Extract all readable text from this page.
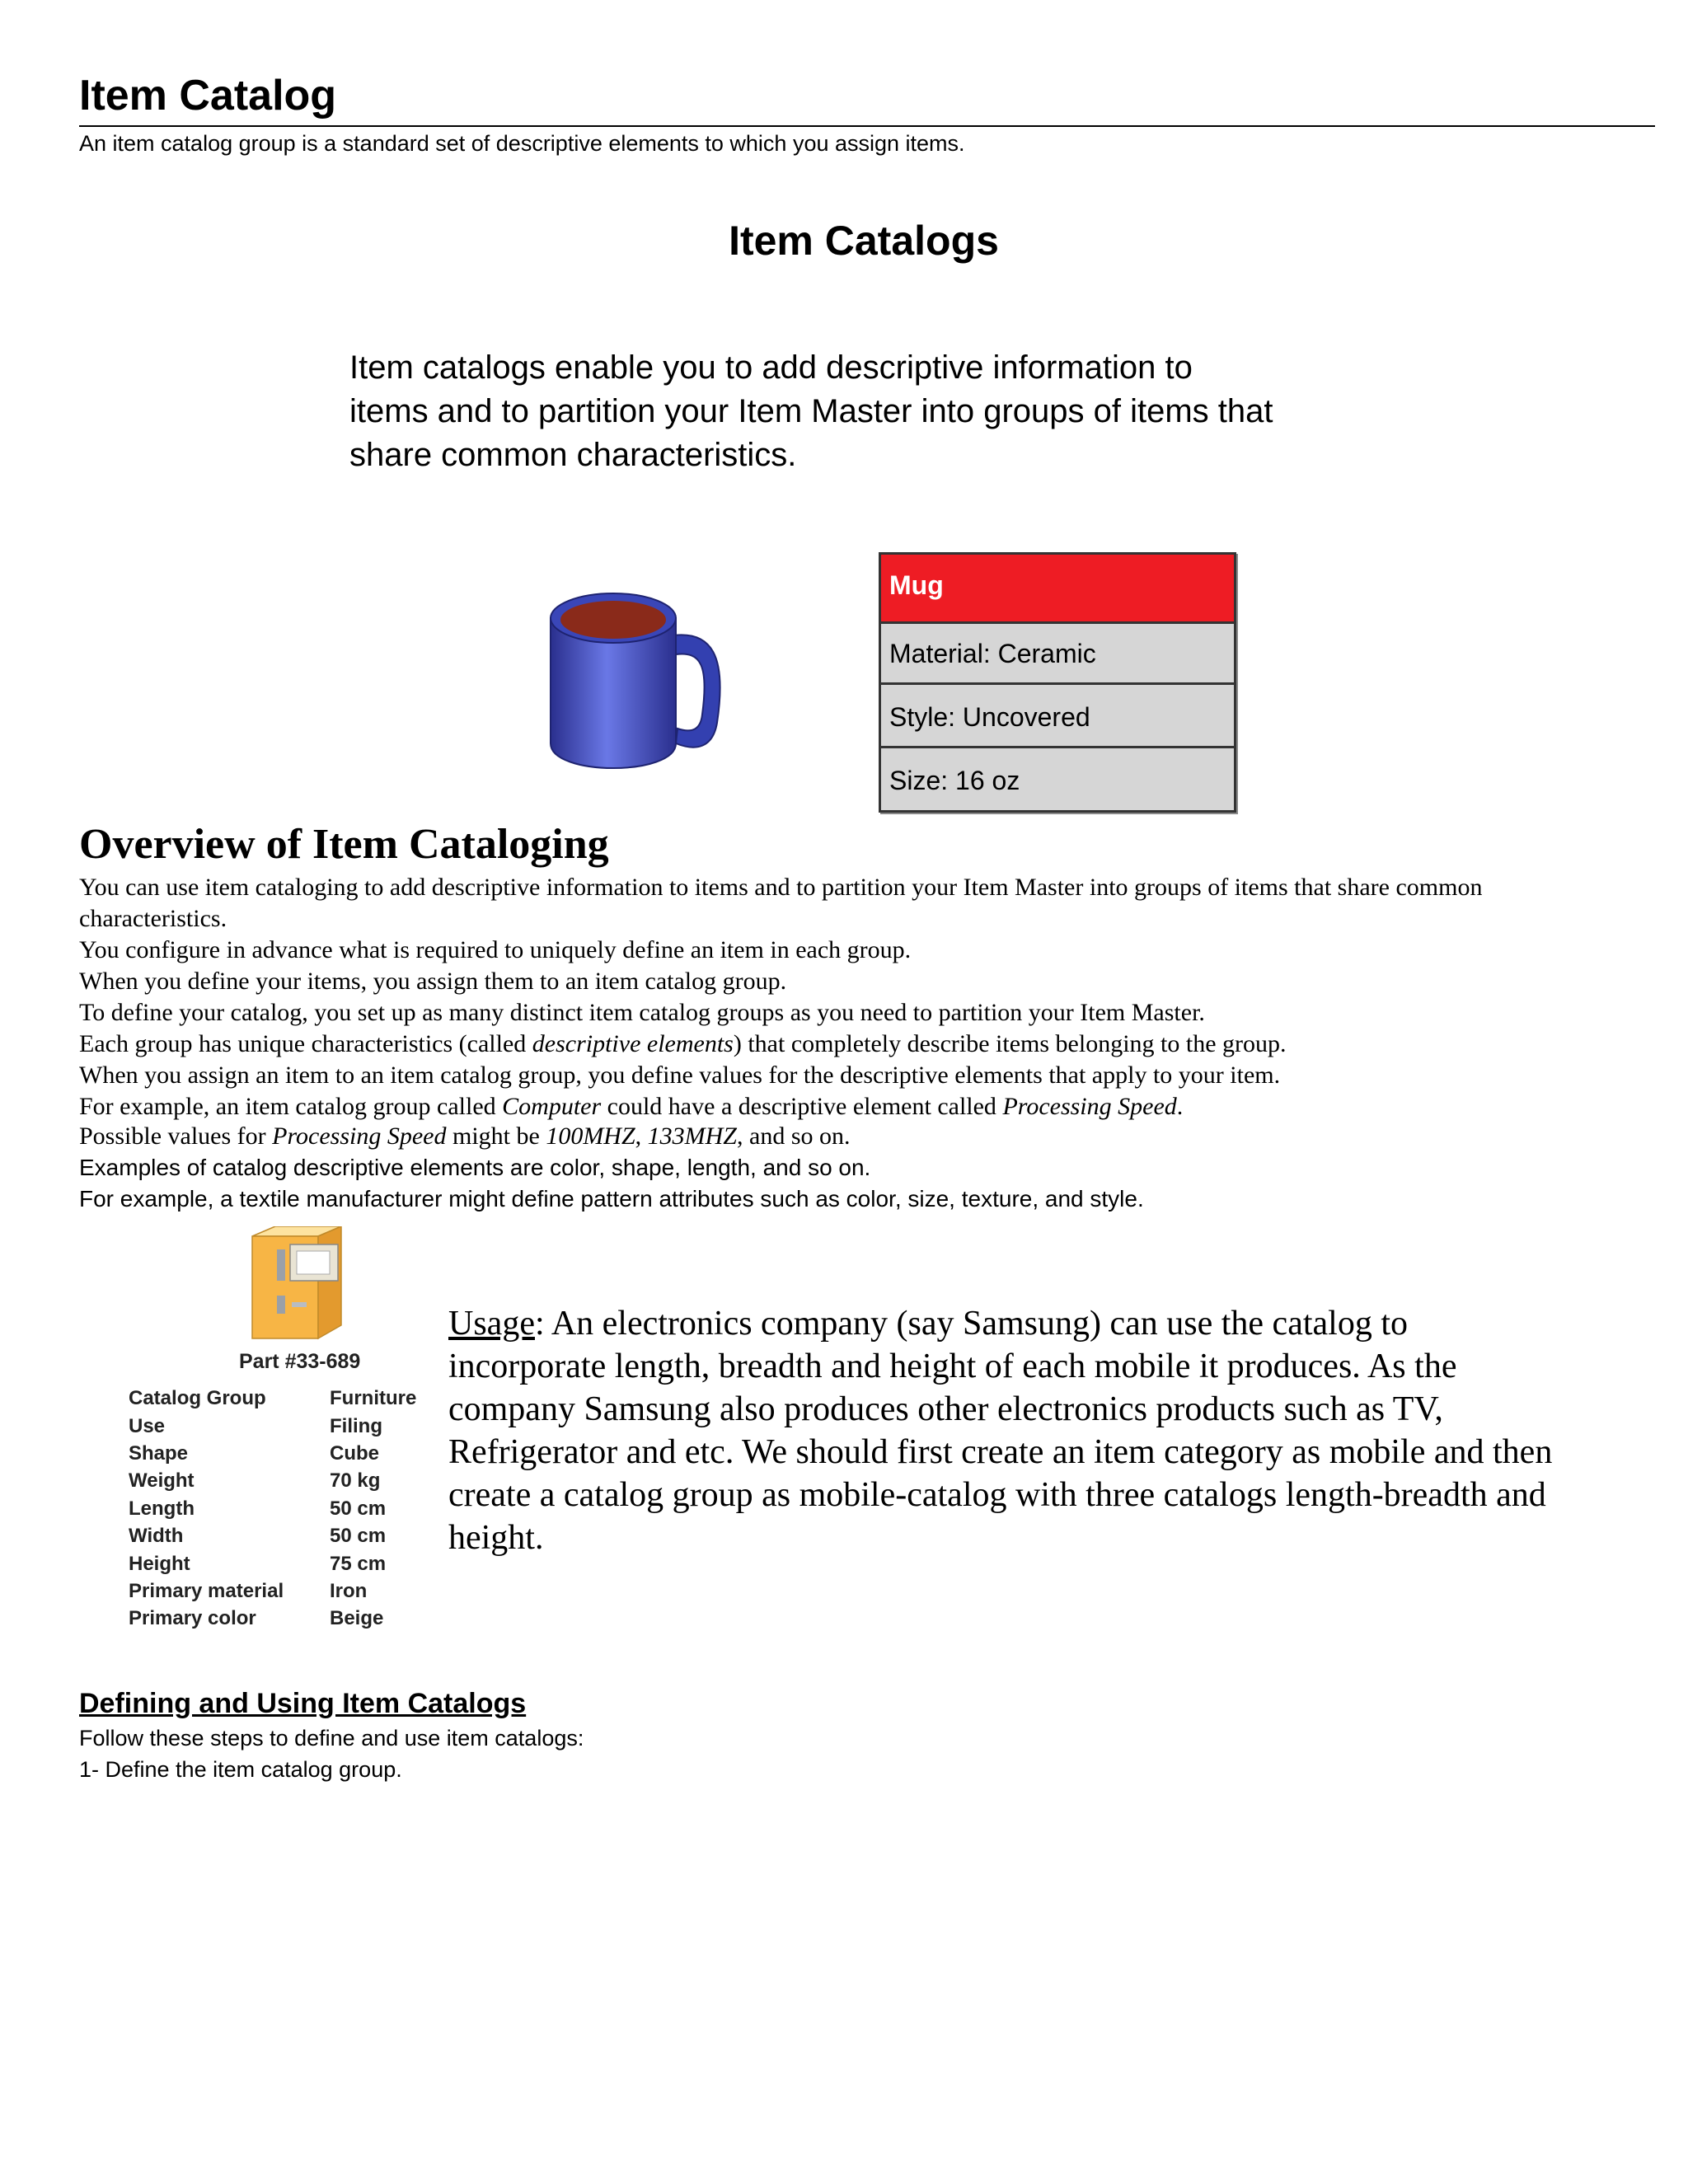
Item Catalog
An item catalog group is a standard set of descriptive elements to which you assign items.
Item Catalogs
Item catalogs enable you to add descriptive information to
items and to partition your Item Master into groups of items that
share common characteristics.
Mug
Material: Ceramic
Style: Uncovered
Size: 16 oz
Overview of Item Cataloging
You can use item cataloging to add descriptive information to items and to partition your Item Master into groups of items that share common
characteristics.
You configure in advance what is required to uniquely define an item in each group.
When you define your items, you assign them to an item catalog group.
To define your catalog, you set up as many distinct item catalog groups as you need to partition your Item Master.
Each group has unique characteristics (called descriptive elements) that completely describe items belonging to the group.
When you assign an item to an item catalog group, you define values for the descriptive elements that apply to your item.
For example, an item catalog group called Computer could have a descriptive element called Processing Speed.
Possible values for Processing Speed might be 100MHZ, 133MHZ, and so on.
Examples of catalog descriptive elements are color, shape, length, and so on.
For example, a textile manufacturer might define pattern attributes such as color, size, texture, and style.
Part #33-689
Catalog Group	Furniture
Use	Filing
Shape	Cube
Weight	70 kg
Length	50 cm
Width	50 cm
Height	75 cm
Primary material	Iron
Primary color	Beige
Usage: An electronics company (say Samsung) can use the catalog to
incorporate length, breadth and height of each mobile it produces. As the
company Samsung also produces other electronics products such as TV,
Refrigerator and etc. We should first create an item category as mobile and then
create a catalog group as mobile-catalog with three catalogs length-breadth and
height.
Defining and Using Item Catalogs
Follow these steps to define and use item catalogs:
1- Define the item catalog group.
